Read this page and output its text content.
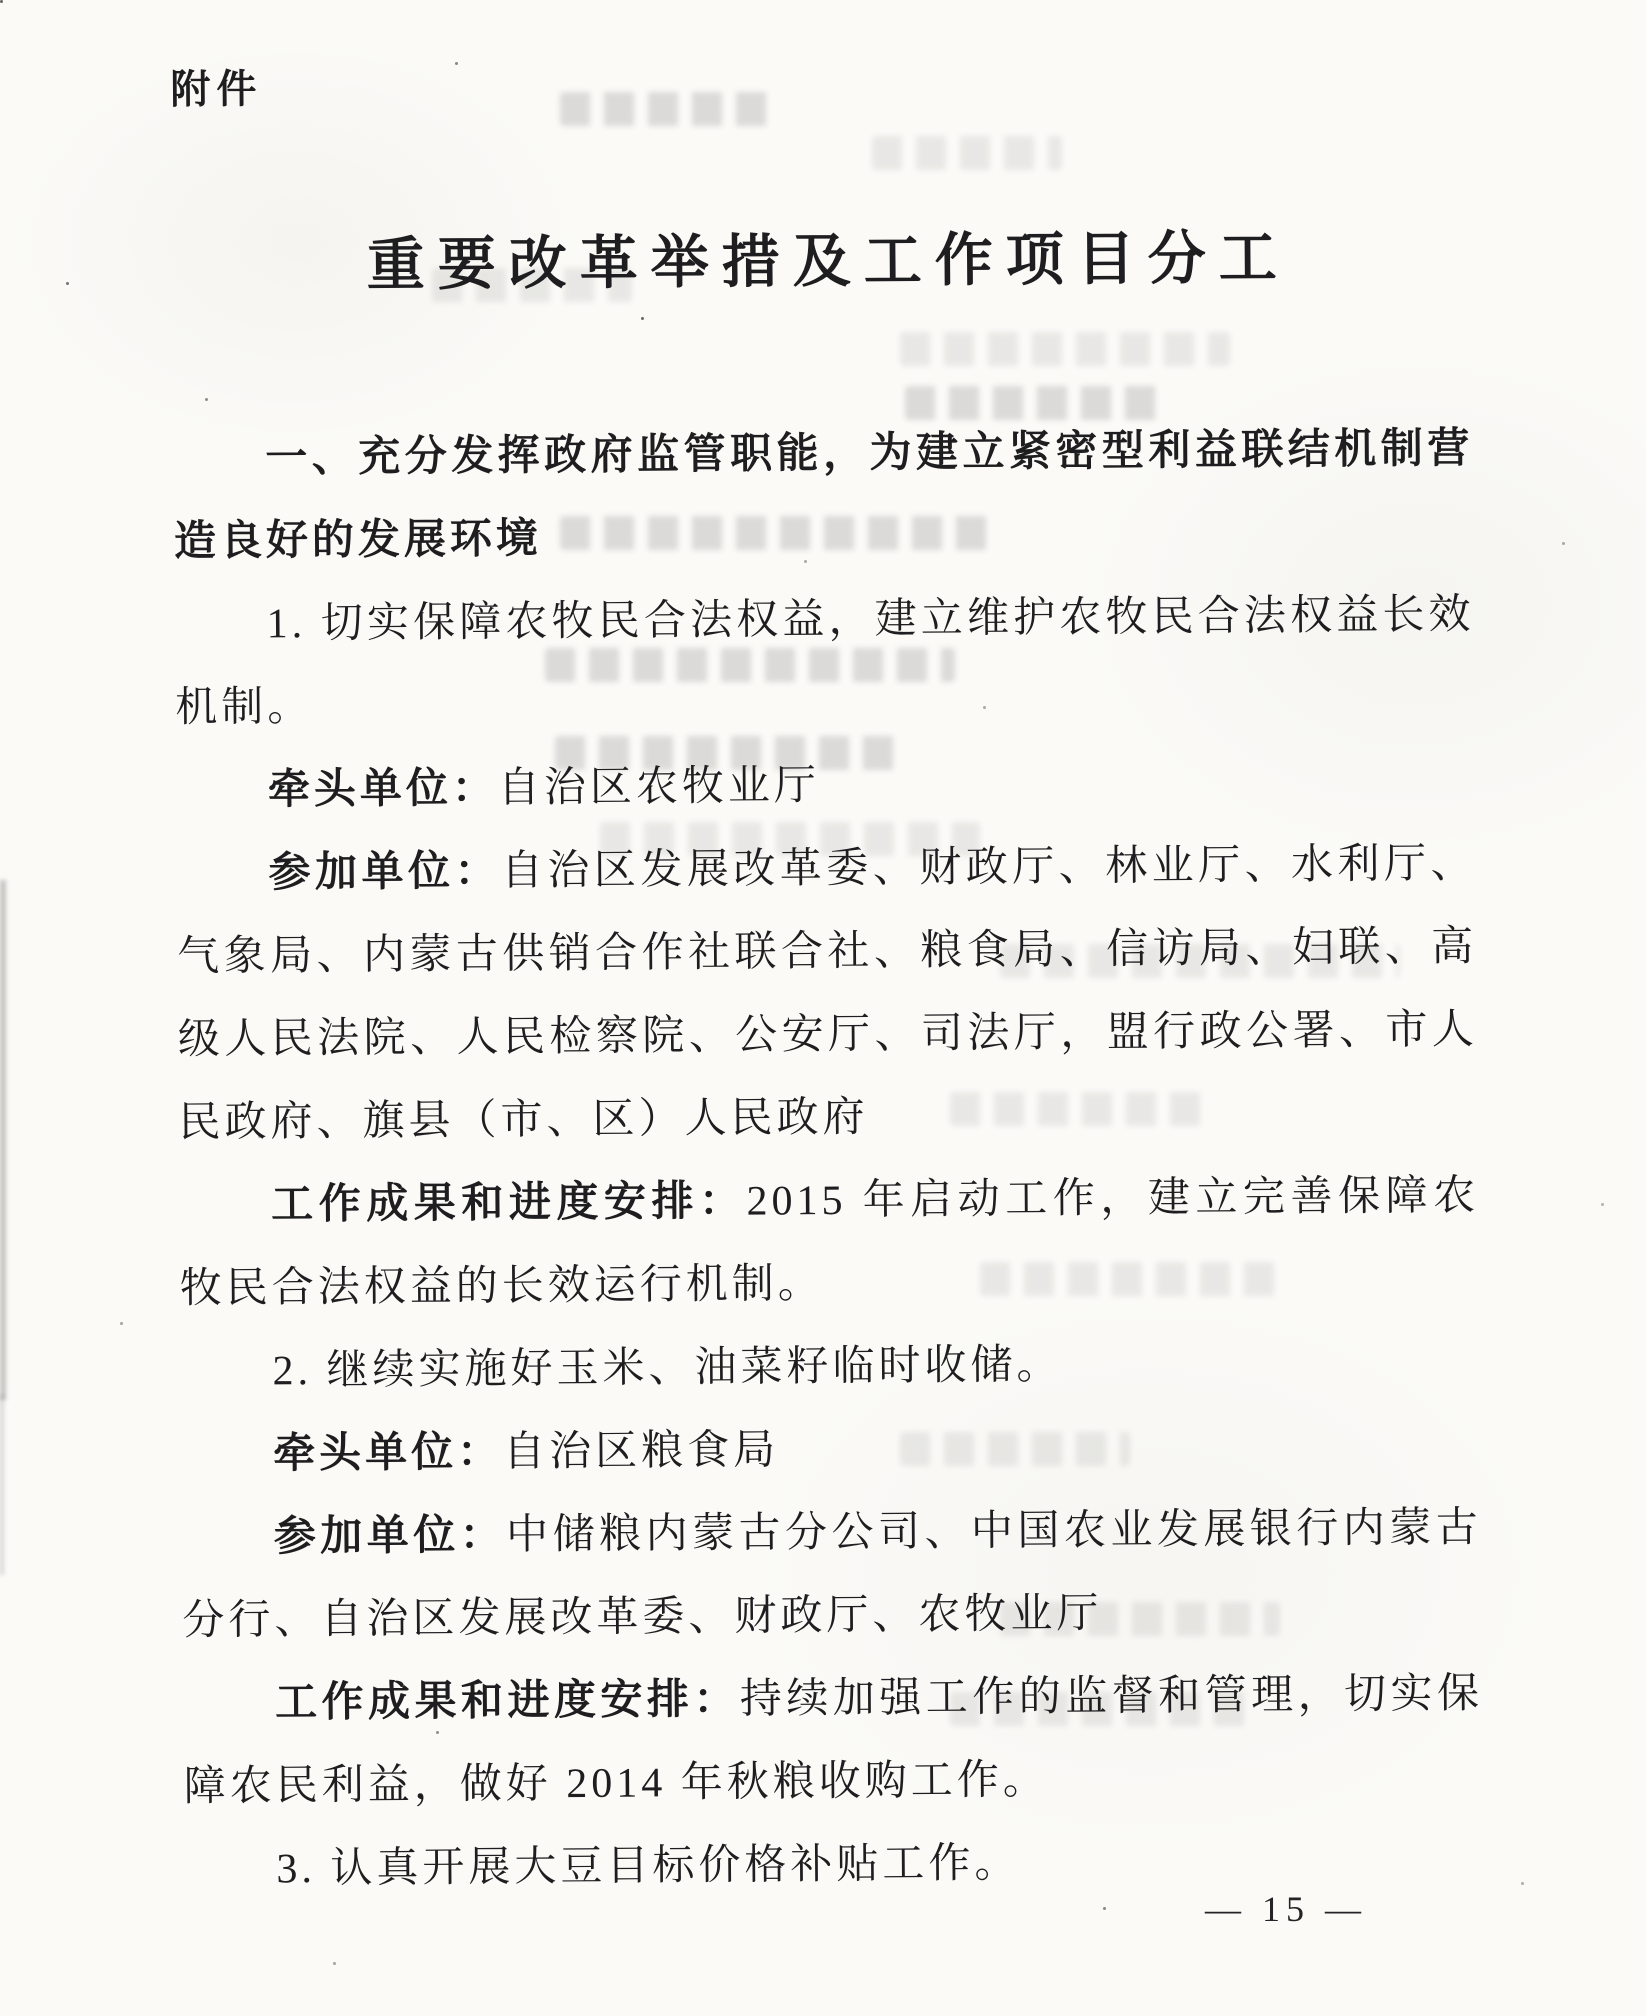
附件
重要改革举措及工作项目分工

一、充分发挥政府监管职能，为建立紧密型利益联结机制营造良好的发展环境

1. 切实保障农牧民合法权益，建立维护农牧民合法权益长效机制。

牵头单位：自治区农牧业厅

参加单位：自治区发展改革委、财政厅、林业厅、水利厅、气象局、内蒙古供销合作社联合社、粮食局、信访局、妇联、高级人民法院、人民检察院、公安厅、司法厅，盟行政公署、市人民政府、旗县（市、区）人民政府

工作成果和进度安排：2015 年启动工作，建立完善保障农牧民合法权益的长效运行机制。

2. 继续实施好玉米、油菜籽临时收储。

牵头单位：自治区粮食局

参加单位：中储粮内蒙古分公司、中国农业发展银行内蒙古分行、自治区发展改革委、财政厅、农牧业厅

工作成果和进度安排：持续加强工作的监督和管理，切实保障农民利益，做好 2014 年秋粮收购工作。

3. 认真开展大豆目标价格补贴工作。

— 15 —
